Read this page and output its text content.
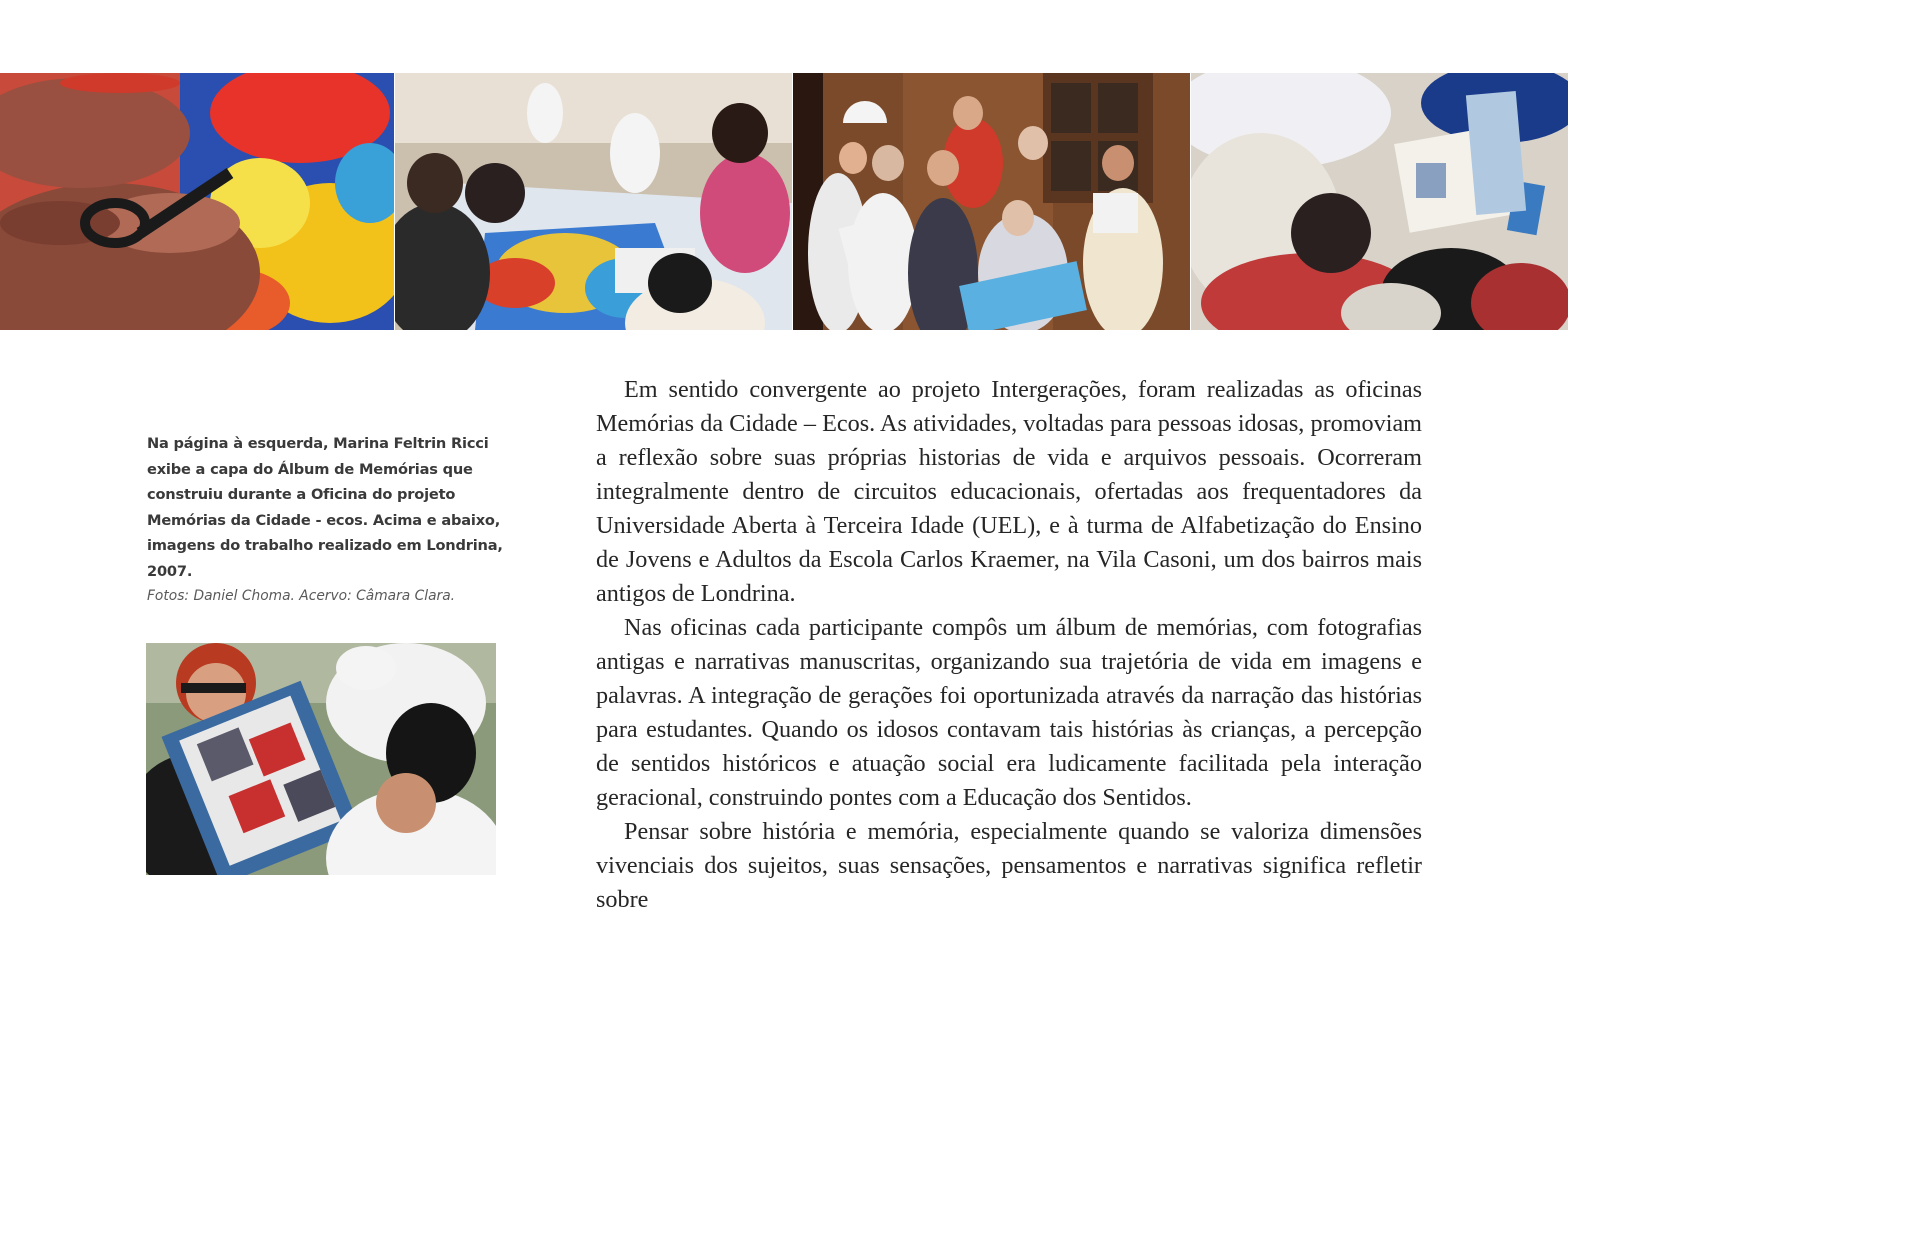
Na página à esquerda, Marina Feltrin Ricci exibe a capa do Álbum de Memórias que construiu durante a Oficina do projeto Memórias da Cidade - ecos. Acima e abaixo, imagens do trabalho realizado em Londrina, 2007.

Fotos: Daniel Choma. Acervo: Câmara Clara.

Em sentido convergente ao projeto Intergerações, foram realizadas as oficinas Memórias da Cidade – Ecos. As atividades, voltadas para pessoas idosas, promoviam a reflexão sobre suas próprias historias de vida e arquivos pessoais. Ocorreram integralmente dentro de circuitos educacionais, ofertadas aos frequentadores da Universidade Aberta à Terceira Idade (UEL), e à turma de Alfabetização do Ensino de Jovens e Adultos da Escola Carlos Kraemer, na Vila Casoni, um dos bairros mais antigos de Londrina.

Nas oficinas cada participante compôs um álbum de memórias, com fotografias antigas e narrativas manuscritas, organizando sua trajetória de vida em imagens e palavras. A integração de gerações foi oportunizada através da narração das histórias para estudantes. Quando os idosos contavam tais histórias às crianças, a percepção de sentidos históricos e atuação social era ludicamente facilitada pela interação geracional, construindo pontes com a Educação dos Sentidos.

Pensar sobre história e memória, especialmente quando se valoriza dimensões vivenciais dos sujeitos, suas sensações, pensamentos e narrativas significa refletir sobre
